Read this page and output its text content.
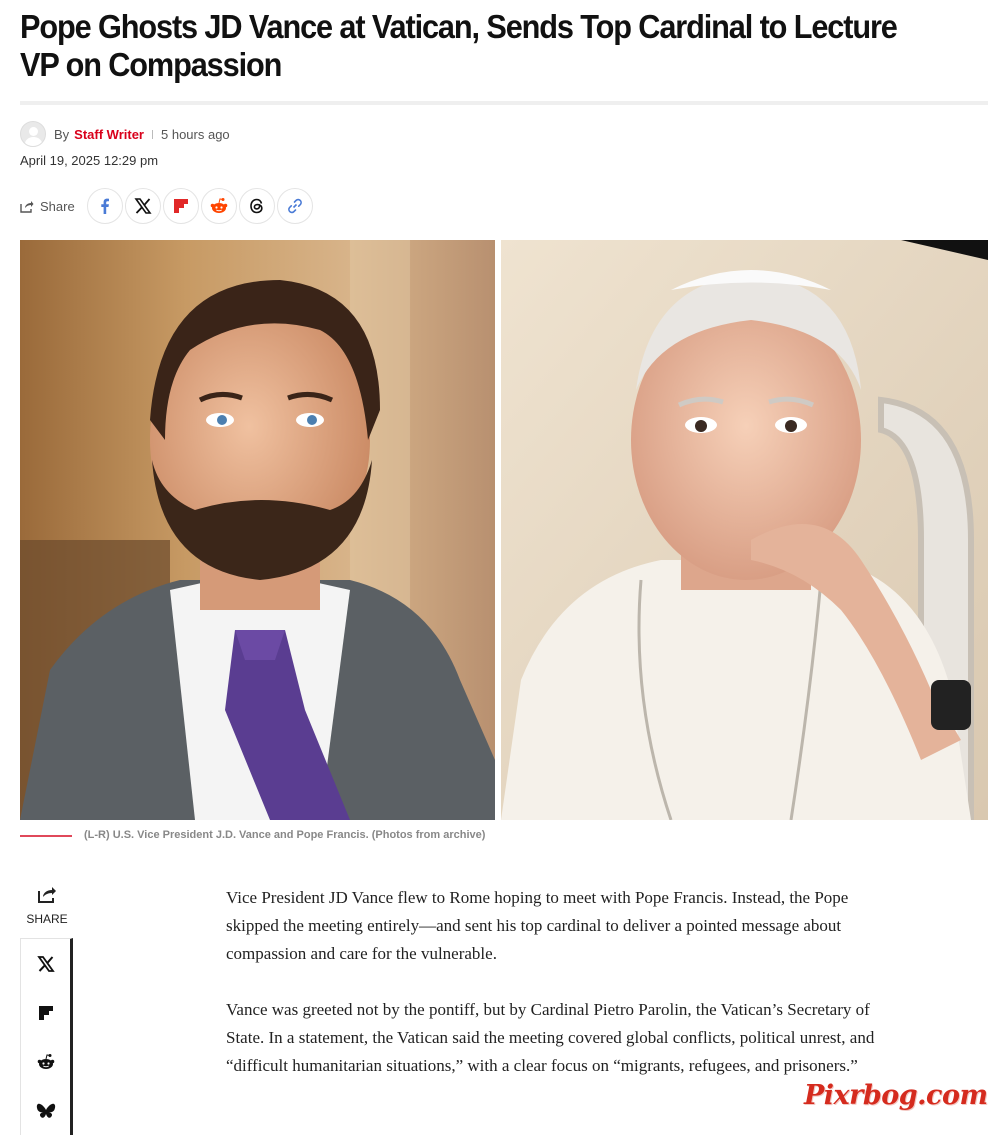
Pope Ghosts JD Vance at Vatican, Sends Top Cardinal to Lecture VP on Compassion
By Staff Writer 5 hours ago
April 19, 2025 12:29 pm
Share
(L-R) U.S. Vice President J.D. Vance and Pope Francis. (Photos from archive)
SHARE

Vice President JD Vance flew to Rome hoping to meet with Pope Francis. Instead, the Pope skipped the meeting entirely—and sent his top cardinal to deliver a pointed message about compassion and care for the vulnerable.

Vance was greeted not by the pontiff, but by Cardinal Pietro Parolin, the Vatican’s Secretary of State. In a statement, the Vatican said the meeting covered global conflicts, political unrest, and “difficult humanitarian situations,” with a clear focus on “migrants, refugees, and prisoners.”

Pixrbog.com
